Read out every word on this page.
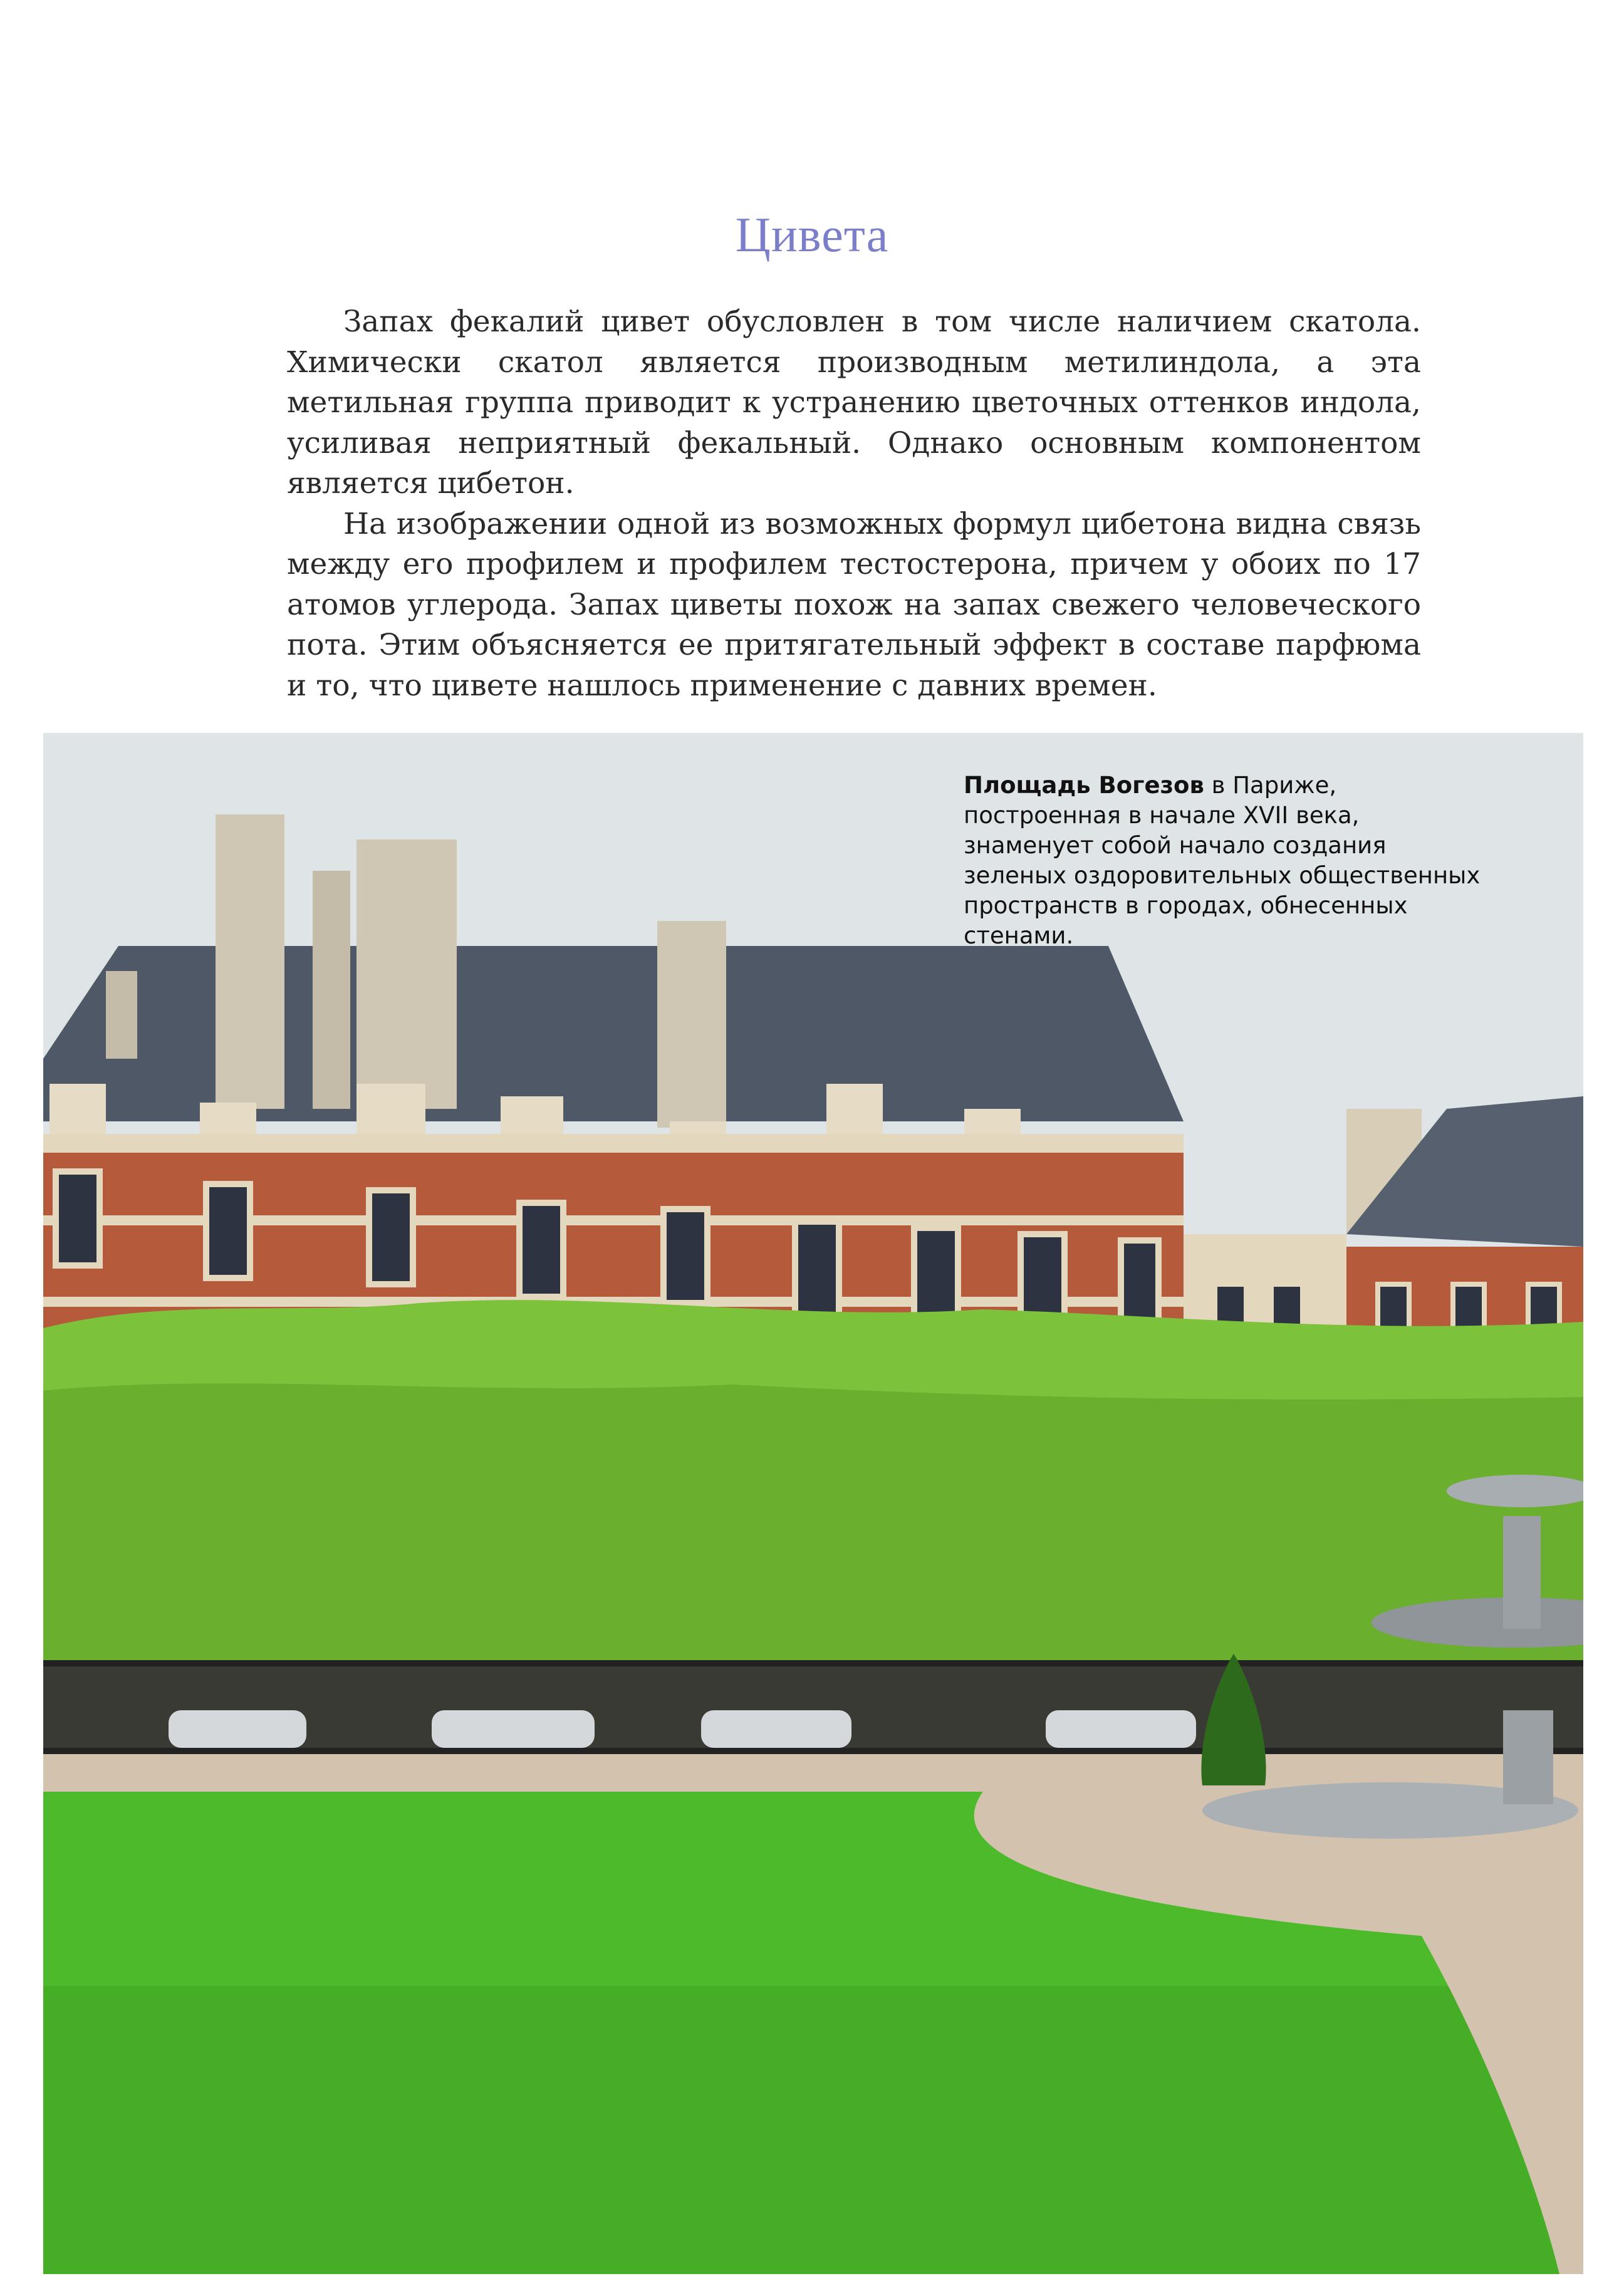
Цивета

Запах фекалий цивет обусловлен в том числе наличием скатола. Химически скатол является производным метилиндола, а эта метильная группа приводит к устранению цветочных оттенков индола, усиливая неприятный фекальный. Однако основным компонентом является цибетон.

На изображении одной из возможных формул цибетона видна связь между его профилем и профилем тестостерона, причем у обоих по 17 атомов углерода. Запах циветы похож на запах свежего человеческого пота. Этим объясняется ее притягательный эффект в составе парфюма и то, что цивете нашлось применение с давних времен.

Площадь Вогезов в Париже, построенная в начале XVII века, знаменует собой начало создания зеленых оздоровительных общественных пространств в городах, обнесенных стенами.
